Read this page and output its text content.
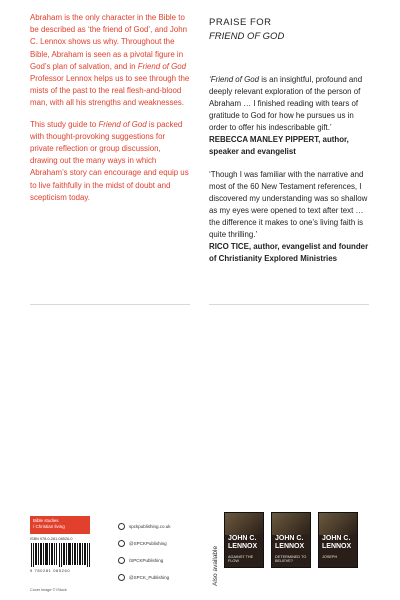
Abraham is the only character in the Bible to be described as ‘the friend of God’, and John C. Lennox shows us why. Throughout the Bible, Abraham is seen as a pivotal figure in God’s plan of salvation, and in Friend of God Professor Lennox helps us to see through the mists of the past to the real flesh-and-blood man, with all his strengths and weaknesses.

This study guide to Friend of God is packed with thought-provoking suggestions for private reflection or group discussion, drawing out the many ways in which Abraham’s story can encourage and equip us to live faithfully in the midst of doubt and scepticism today.

PRAISE FOR
FRIEND OF GOD
‘Friend of God is an insightful, profound and deeply relevant exploration of the person of Abraham … I finished reading with tears of gratitude to God for how he pursues us in order to offer his indescribable gift.’
REBECCA MANLEY PIPPERT, author, speaker and evangelist
‘Though I was familiar with the narrative and most of the 60 New Testament references, I discovered my understanding was so shallow as my eyes were opened to text after text … the difference it makes to one’s living faith is quite thrilling.’
RICO TICE, author, evangelist and founder of Christianity Explored Ministries
Bible studies
/ Christian living
ISBN 978-0-281-08526-0
9 780281 085260
Cover image © iStock
spckpublishing.co.uk
@SPCKPublishing
/SPCKPublishing
@SPCK_Publishing	Also available
JOHN C.
LENNOX
AGAINST THE FLOW
JOHN C.
LENNOX
DETERMINED TO BELIEVE?
JOHN C.
LENNOX
JOSEPH
